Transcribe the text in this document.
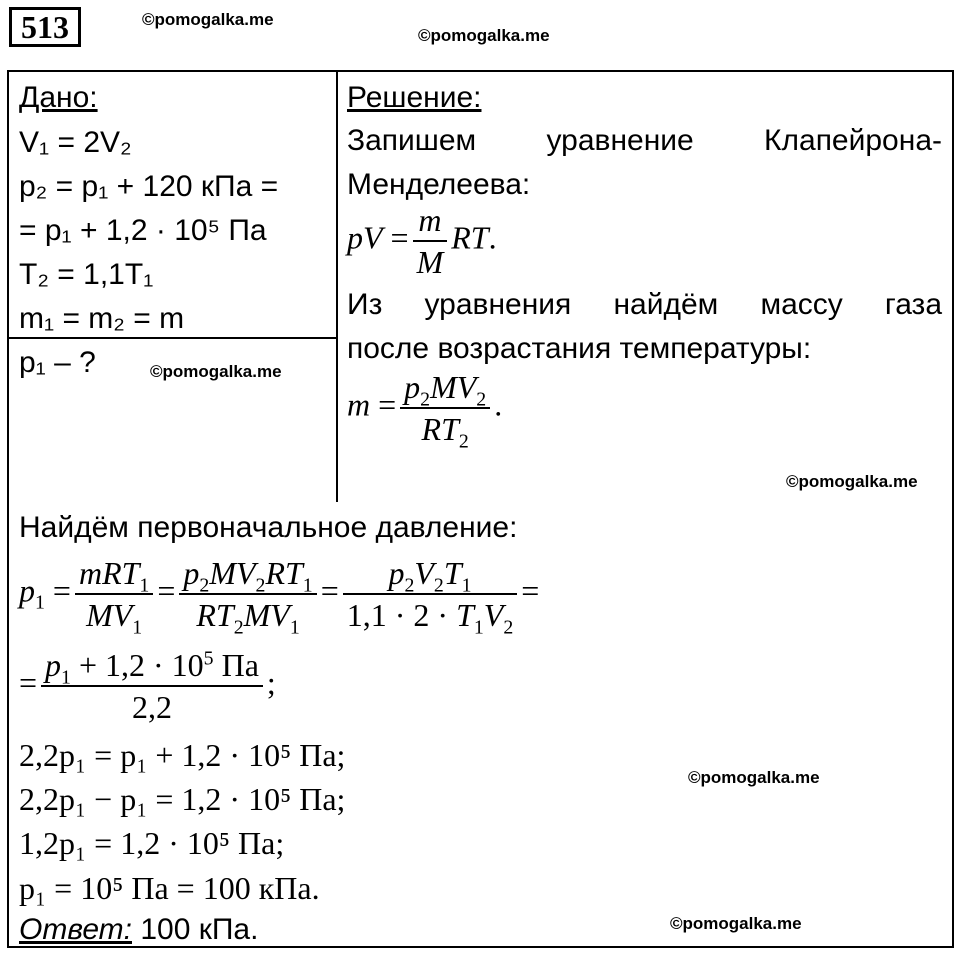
513	©pomogalka.me
©pomogalka.me
Дано:
V₁ = 2V₂
p₂ = p₁ + 120 кПа =
= p₁ + 1,2 · 10⁵ Па
T₂ = 1,1T₁
m₁ = m₂ = m
p₁ – ?	©pomogalka.me
Решение:
Запишем уравнение Клапейрона-
Менделеева:
pV = $\frac{m}{M}$ RT.
Из уравнения найдём массу газа
после возрастания температуры:
$m = \frac{p_2MV_2}{RT_2}$ .
©pomogalka.me
Найдём первоначальное давление:
$p_1 = \frac{mRT_1}{MV_1} = \frac{p_2MV_2RT_1}{RT_2MV_1} = \frac{p_2V_2T_1}{1,1 \cdot 2 \cdot T_1V_2}$ =
= $\frac{p_1 + 1,2 \cdot 10^5 Па}{2,2}$ ;
2,2p₁ = p₁ + 1,2 · 10⁵ Па;
2,2p₁ − p₁ = 1,2 · 10⁵ Па;
1,2p₁ = 1,2 · 10⁵ Па;
p₁ = 10⁵ Па = 100 кПа.
©pomogalka.me
Ответ: 100 кПа.	©pomogalka.me
